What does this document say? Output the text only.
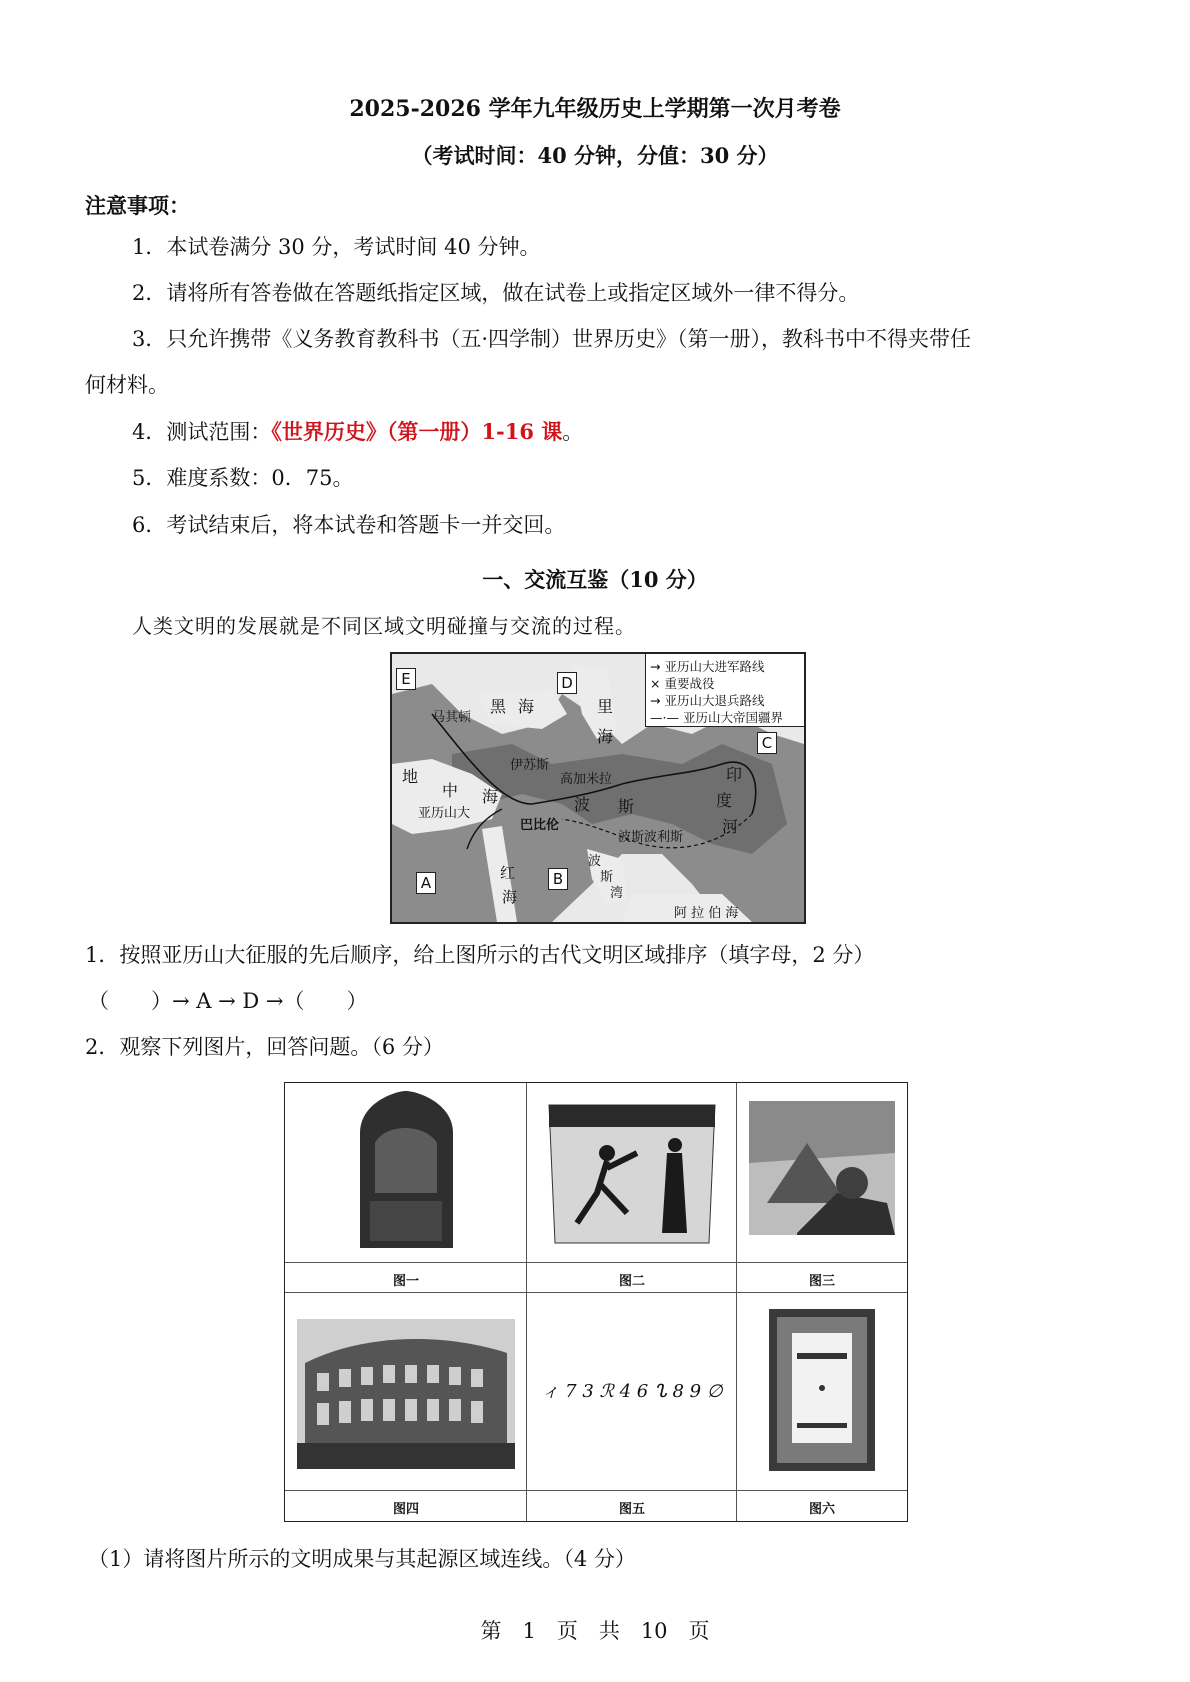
2025-2026 学年九年级历史上学期第一次月考卷
（考试时间：40 分钟，分值：30 分）
注意事项：
1．本试卷满分 30 分，考试时间 40 分钟。
2．请将所有答卷做在答题纸指定区域，做在试卷上或指定区域外一律不得分。
3．只允许携带《义务教育教科书（五·四学制）世界历史》（第一册），教科书中不得夹带任
何材料。
4．测试范围：《世界历史》（第一册）1-16 课。
5．难度系数：0．75。
6．考试结束后，将本试卷和答题卡一并交回。
一、交流互鉴（10 分）
人类文明的发展就是不同区域文明碰撞与交流的过程。
E	D
C
A	B
→ 亚历山大进军路线
× 重要战役
→ 亚历山大退兵路线
—·— 亚历山大帝国疆界
马其顿
黑 海	里
海
地
中 海
伊苏斯
高加米拉
亚历山大
巴比伦
波 斯
波斯波利斯
印
度
河
红
海
波
斯
湾
阿 拉 伯 海
1．按照亚历山大征服的先后顺序，给上图所示的古代文明区域排序（填字母，2 分）
（　　）→ A → D →（　　）
2．观察下列图片，回答问题。（6 分）
图一	图二	图三
ィ 7 3 ℛ 4 6 ᔐ 8 9 ∅
图四	图五	图六
（1）请将图片所示的文明成果与其起源区域连线。（4 分）
第　1　页　共　10　页
